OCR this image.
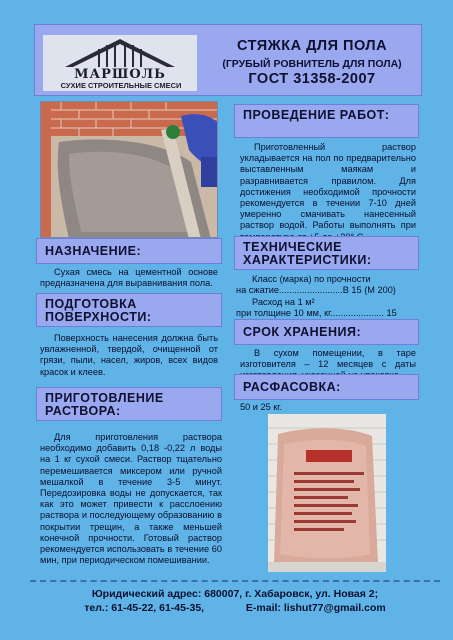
МАРШОЛЬ
СУХИЕ СТРОИТЕЛЬНЫЕ СМЕСИ
СТЯЖКА ДЛЯ ПОЛА
(ГРУБЫЙ РОВНИТЕЛЬ ДЛЯ ПОЛА)
ГОСТ 31358-2007
ПРОВЕДЕНИЕ РАБОТ:
Приготовленный раствор укладывается на пол по предварительно выставленным маякам и разравнивается правилом. Для достижения необходимой прочности рекомендуется в течении 7-10 дней умеренно смачивать нанесенный раствор водой. Работы выполнять при
НАЗНАЧЕНИЕ:
Сухая смесь на цементной основе предназначена для выравнивания пола.
ТЕХНИЧЕСКИЕ ХАРАКТЕРИСТИКИ:
Класс (марка) по прочности
на сжатие.........................В 15 (М 200)
Расход на 1 м²
при толщине 10 мм, кг..................... 15
ПОДГОТОВКА ПОВЕРХНОСТИ:
Поверхность нанесения должна быть увлажненной, твердой, очищенной от грязи, пыли, насел, жиров, всех видов красок и клеев.
СРОК ХРАНЕНИЯ:
В сухом помещении, в таре изготовителя – 12 месяцев с даты
РАСФАСОВКА:
50 и 25 кг.
ПРИГОТОВЛЕНИЕ РАСТВОРА:
Для приготовления раствора необходимо добавить 0,18 -0,22 л воды на 1 кг сухой смеси. Раствор тщательно перемешивается миксером или ручной мешалкой в течение 3-5 минут. Передозировка воды не допускается, так как это может привести к расслоению раствора и последующему образованию в покрытии трещин, а также меньшей конечной прочности. Готовый раствор рекомендуется использовать в течение 60 мин, при периодическом помешивании.
Юридический адрес: 680007, г. Хабаровск, ул. Новая 2;
тел.: 61-45-22, 61-45-35,	E-mail: lishut77@gmail.com
